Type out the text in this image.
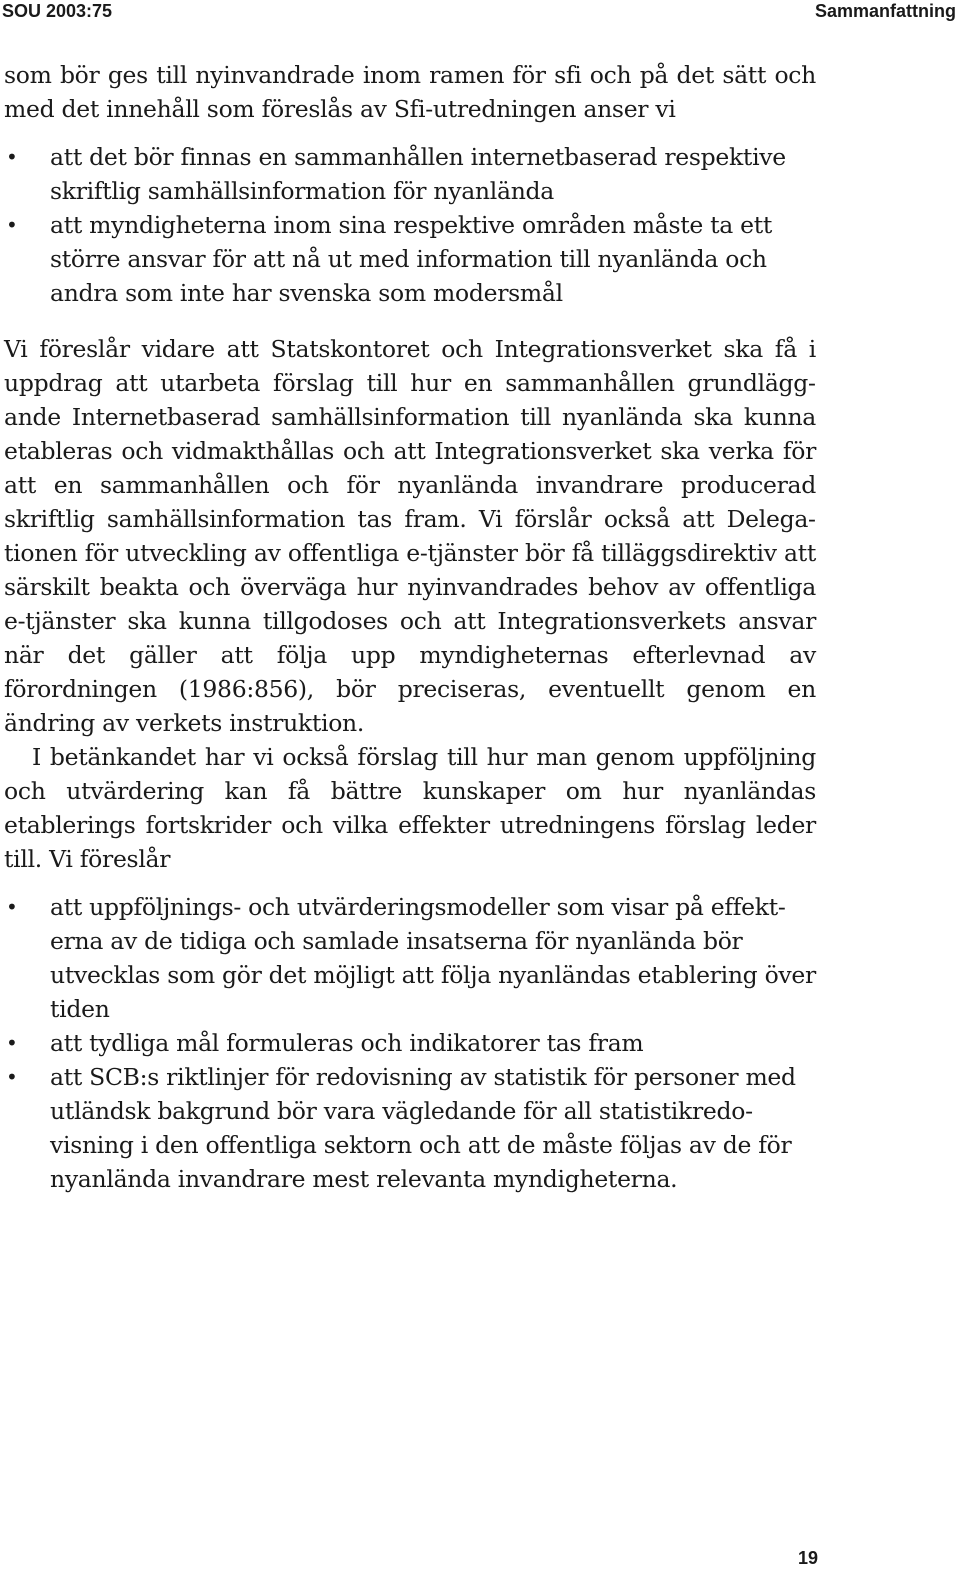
SOU 2003:75	Sammanfattning

som bör ges till nyinvandrade inom ramen för sfi och på det sätt och med det innehåll som föreslås av Sfi-utredningen anser vi

• att det bör finnas en sammanhållen internetbaserad respektive skriftlig samhällsinformation för nyanlända
• att myndigheterna inom sina respektive områden måste ta ett större ansvar för att nå ut med information till nyanlända och andra som inte har svenska som modersmål

Vi föreslår vidare att Statskontoret och Integrationsverket ska få i uppdrag att utarbeta förslag till hur en sammanhållen grundläggande Internetbaserad samhällsinformation till nyanlända ska kunna etableras och vidmakthållas och att Integrationsverket ska verka för att en sammanhållen och för nyanlända invandrare producerad skriftlig samhällsinformation tas fram. Vi förslår också att Delegationen för utveckling av offentliga e-tjänster bör få tilläggsdirektiv att särskilt beakta och överväga hur nyinvandrades behov av offentliga e-tjänster ska kunna tillgodoses och att Integrationsverkets ansvar när det gäller att följa upp myndigheternas efterlevnad av förordningen (1986:856), bör preciseras, eventuellt genom en ändring av verkets instruktion.

I betänkandet har vi också förslag till hur man genom uppföljning och utvärdering kan få bättre kunskaper om hur nyanländas etablerings fortskrider och vilka effekter utredningens förslag leder till. Vi föreslår

• att uppföljnings- och utvärderingsmodeller som visar på effekterna av de tidiga och samlade insatserna för nyanlända bör utvecklas som gör det möjligt att följa nyanländas etablering över tiden
• att tydliga mål formuleras och indikatorer tas fram
• att SCB:s riktlinjer för redovisning av statistik för personer med utländsk bakgrund bör vara vägledande för all statistikredovisning i den offentliga sektorn och att de måste följas av de för nyanlända invandrare mest relevanta myndigheterna.
19
